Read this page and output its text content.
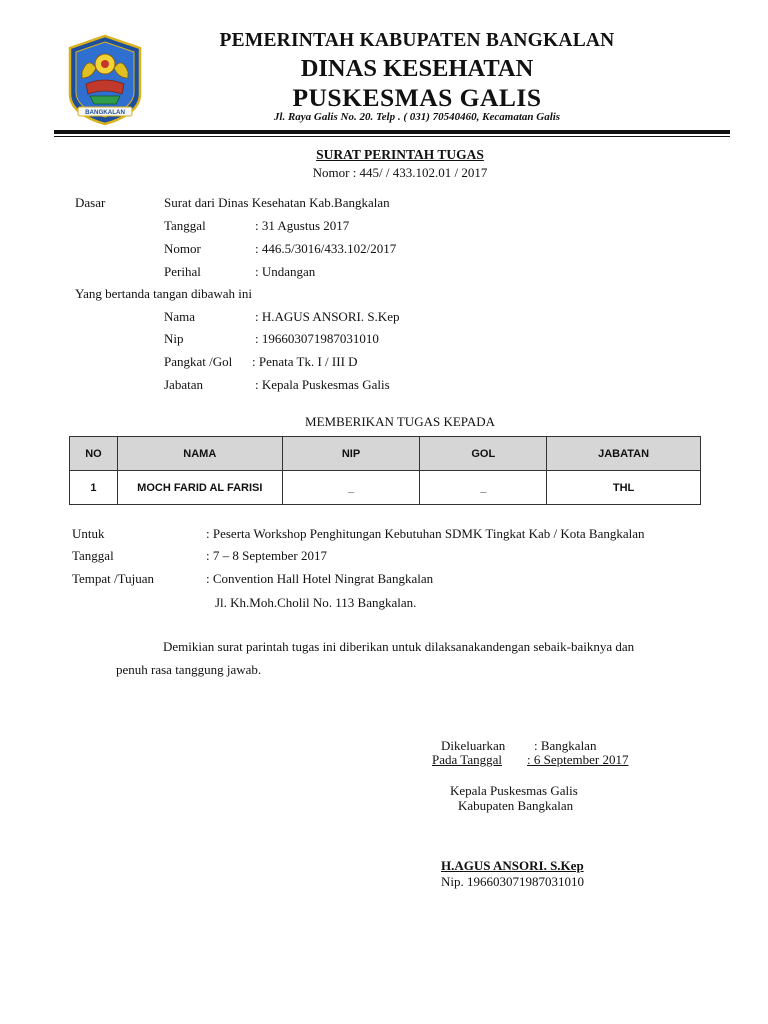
BANGKALAN
PEMERINTAH KABUPATEN BANGKALAN
DINAS KESEHATAN
PUSKESMAS GALIS
Jl. Raya Galis No. 20. Telp . ( 031) 70540460, Kecamatan Galis
SURAT PERINTAH TUGAS
Nomor : 445/ / 433.102.01 / 2017
Dasar	Surat dari Dinas Kesehatan Kab.Bangkalan
Tanggal	: 31 Agustus 2017
Nomor	: 446.5/3016/433.102/2017
Perihal	: Undangan
Yang bertanda tangan dibawah ini
Nama	: H.AGUS ANSORI. S.Kep
Nip	: 196603071987031010
Pangkat /Gol : Penata Tk. I / III D
Jabatan	: Kepala Puskesmas Galis
MEMBERIKAN TUGAS KEPADA
NO	NAMA	NIP	GOL	JABATAN
1	MOCH FARID AL FARISI	_	_	THL
Untuk	: Peserta Workshop Penghitungan Kebutuhan SDMK Tingkat Kab / Kota Bangkalan
Tanggal	: 7 – 8 September 2017
Tempat /Tujuan	: Convention Hall Hotel Ningrat Bangkalan
Jl. Kh.Moh.Cholil No. 113 Bangkalan.
Demikian surat parintah tugas ini diberikan untuk dilaksanakandengan sebaik-baiknya dan
penuh rasa tanggung jawab.
Dikeluarkan : Bangkalan
Pada Tanggal : 6 September 2017
Kepala Puskesmas Galis
Kabupaten Bangkalan
H.AGUS ANSORI. S.Kep
Nip. 196603071987031010
